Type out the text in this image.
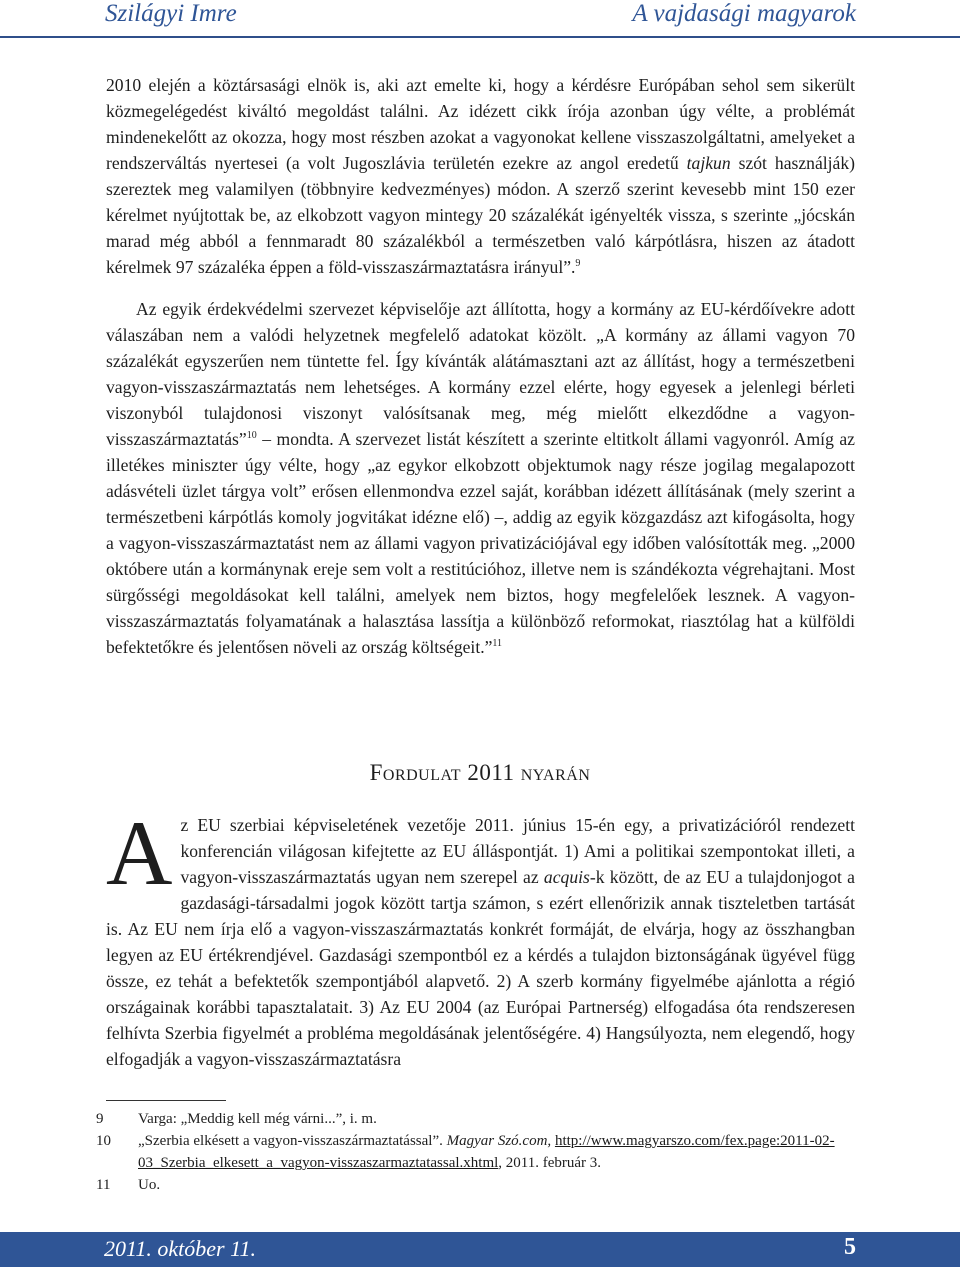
Szilágyi Imre	A vajdasági magyarok

2010 elején a köztársasági elnök is, aki azt emelte ki, hogy a kérdésre Európában sehol sem sikerült közmegelégedést kiváltó megoldást találni. Az idézett cikk írója azonban úgy vélte, a problémát mindenekelőtt az okozza, hogy most részben azokat a vagyonokat kellene visszaszolgáltatni, amelyeket a rendszerváltás nyertesei (a volt Jugoszlávia területén ezekre az angol eredetű tajkun szót használják) szereztek meg valamilyen (többnyire kedvezményes) módon. A szerző szerint kevesebb mint 150 ezer kérelmet nyújtottak be, az elkobzott vagyon mintegy 20 százalékát igényelték vissza, s szerinte „jócskán marad még abból a fennmaradt 80 százalékból a természetben való kárpótlásra, hiszen az átadott kérelmek 97 százaléka éppen a föld-visszaszármaztatásra irányul”.$^9$

Az egyik érdekvédelmi szervezet képviselője azt állította, hogy a kormány az EU-kérdőívekre adott válaszában nem a valódi helyzetnek megfelelő adatokat közölt. „A kormány az állami vagyon 70 százalékát egyszerűen nem tüntette fel. Így kívánták alátámasztani azt az állítást, hogy a természetbeni vagyon-visszaszármaztatás nem lehetséges. A kormány ezzel elérte, hogy egyesek a jelenlegi bérleti viszonyból tulajdonosi viszonyt valósítsanak meg, még mielőtt elkezdődne a vagyon-visszaszármaztatás”$^{10}$ – mondta. A szervezet listát készített a szerinte eltitkolt állami vagyonról. Amíg az illetékes miniszter úgy vélte, hogy „az egykor elkobzott objektumok nagy része jogilag megalapozott adásvételi üzlet tárgya volt” erősen ellenmondva ezzel saját, korábban idézett állításának (mely szerint a természetbeni kárpótlás komoly jogvitákat idézne elő) –, addig az egyik közgazdász azt kifogásolta, hogy a vagyon-visszaszármaztatást nem az állami vagyon privatizációjával egy időben valósították meg. „2000 októbere után a kormánynak ereje sem volt a restitúcióhoz, illetve nem is szándékozta végrehajtani. Most sürgősségi megoldásokat kell találni, amelyek nem biztos, hogy megfelelőek lesznek. A vagyon-visszaszármaztatás folyamatának a halasztása lassítja a különböző reformokat, riasztólag hat a külföldi befektetőkre és jelentősen növeli az ország költségeit.”$^{11}$

Fordulat 2011 nyarán

Az EU szerbiai képviseletének vezetője 2011. június 15-én egy, a privatizációról rendezett konferencián világosan kifejtette az EU álláspontját. 1) Ami a politikai szempontokat illeti, a vagyon-visszaszármaztatás ugyan nem szerepel az acquis-k között, de az EU a tulajdonjogot a gazdasági-társadalmi jogok között tartja számon, s ezért ellenőrizik annak tiszteletben tartását is. Az EU nem írja elő a vagyon-visszaszármaztatás konkrét formáját, de elvárja, hogy az összhangban legyen az EU értékrendjével. Gazdasági szempontból ez a kérdés a tulajdon biztonságának ügyével függ össze, ez tehát a befektetők szempontjából alapvető. 2) A szerb kormány figyelmébe ajánlotta a régió országainak korábbi tapasztalatait. 3) Az EU 2004 (az Európai Partnerség) elfogadása óta rendszeresen felhívta Szerbia figyelmét a probléma megoldásának jelentőségére. 4) Hangsúlyozta, nem elegendő, hogy elfogadják a vagyon-visszaszármaztatásra

9	Varga: „Meddig kell még várni...”, i. m.
10	„Szerbia elkésett a vagyon-visszaszármaztatással”. Magyar Szó.com, http://www.magyarszo.com/fex.page:2011-02-03_Szerbia_elkesett_a_vagyon-visszaszarmaztatassal.xhtml, 2011. február 3.
11	Uo.
2011. október 11.	5
